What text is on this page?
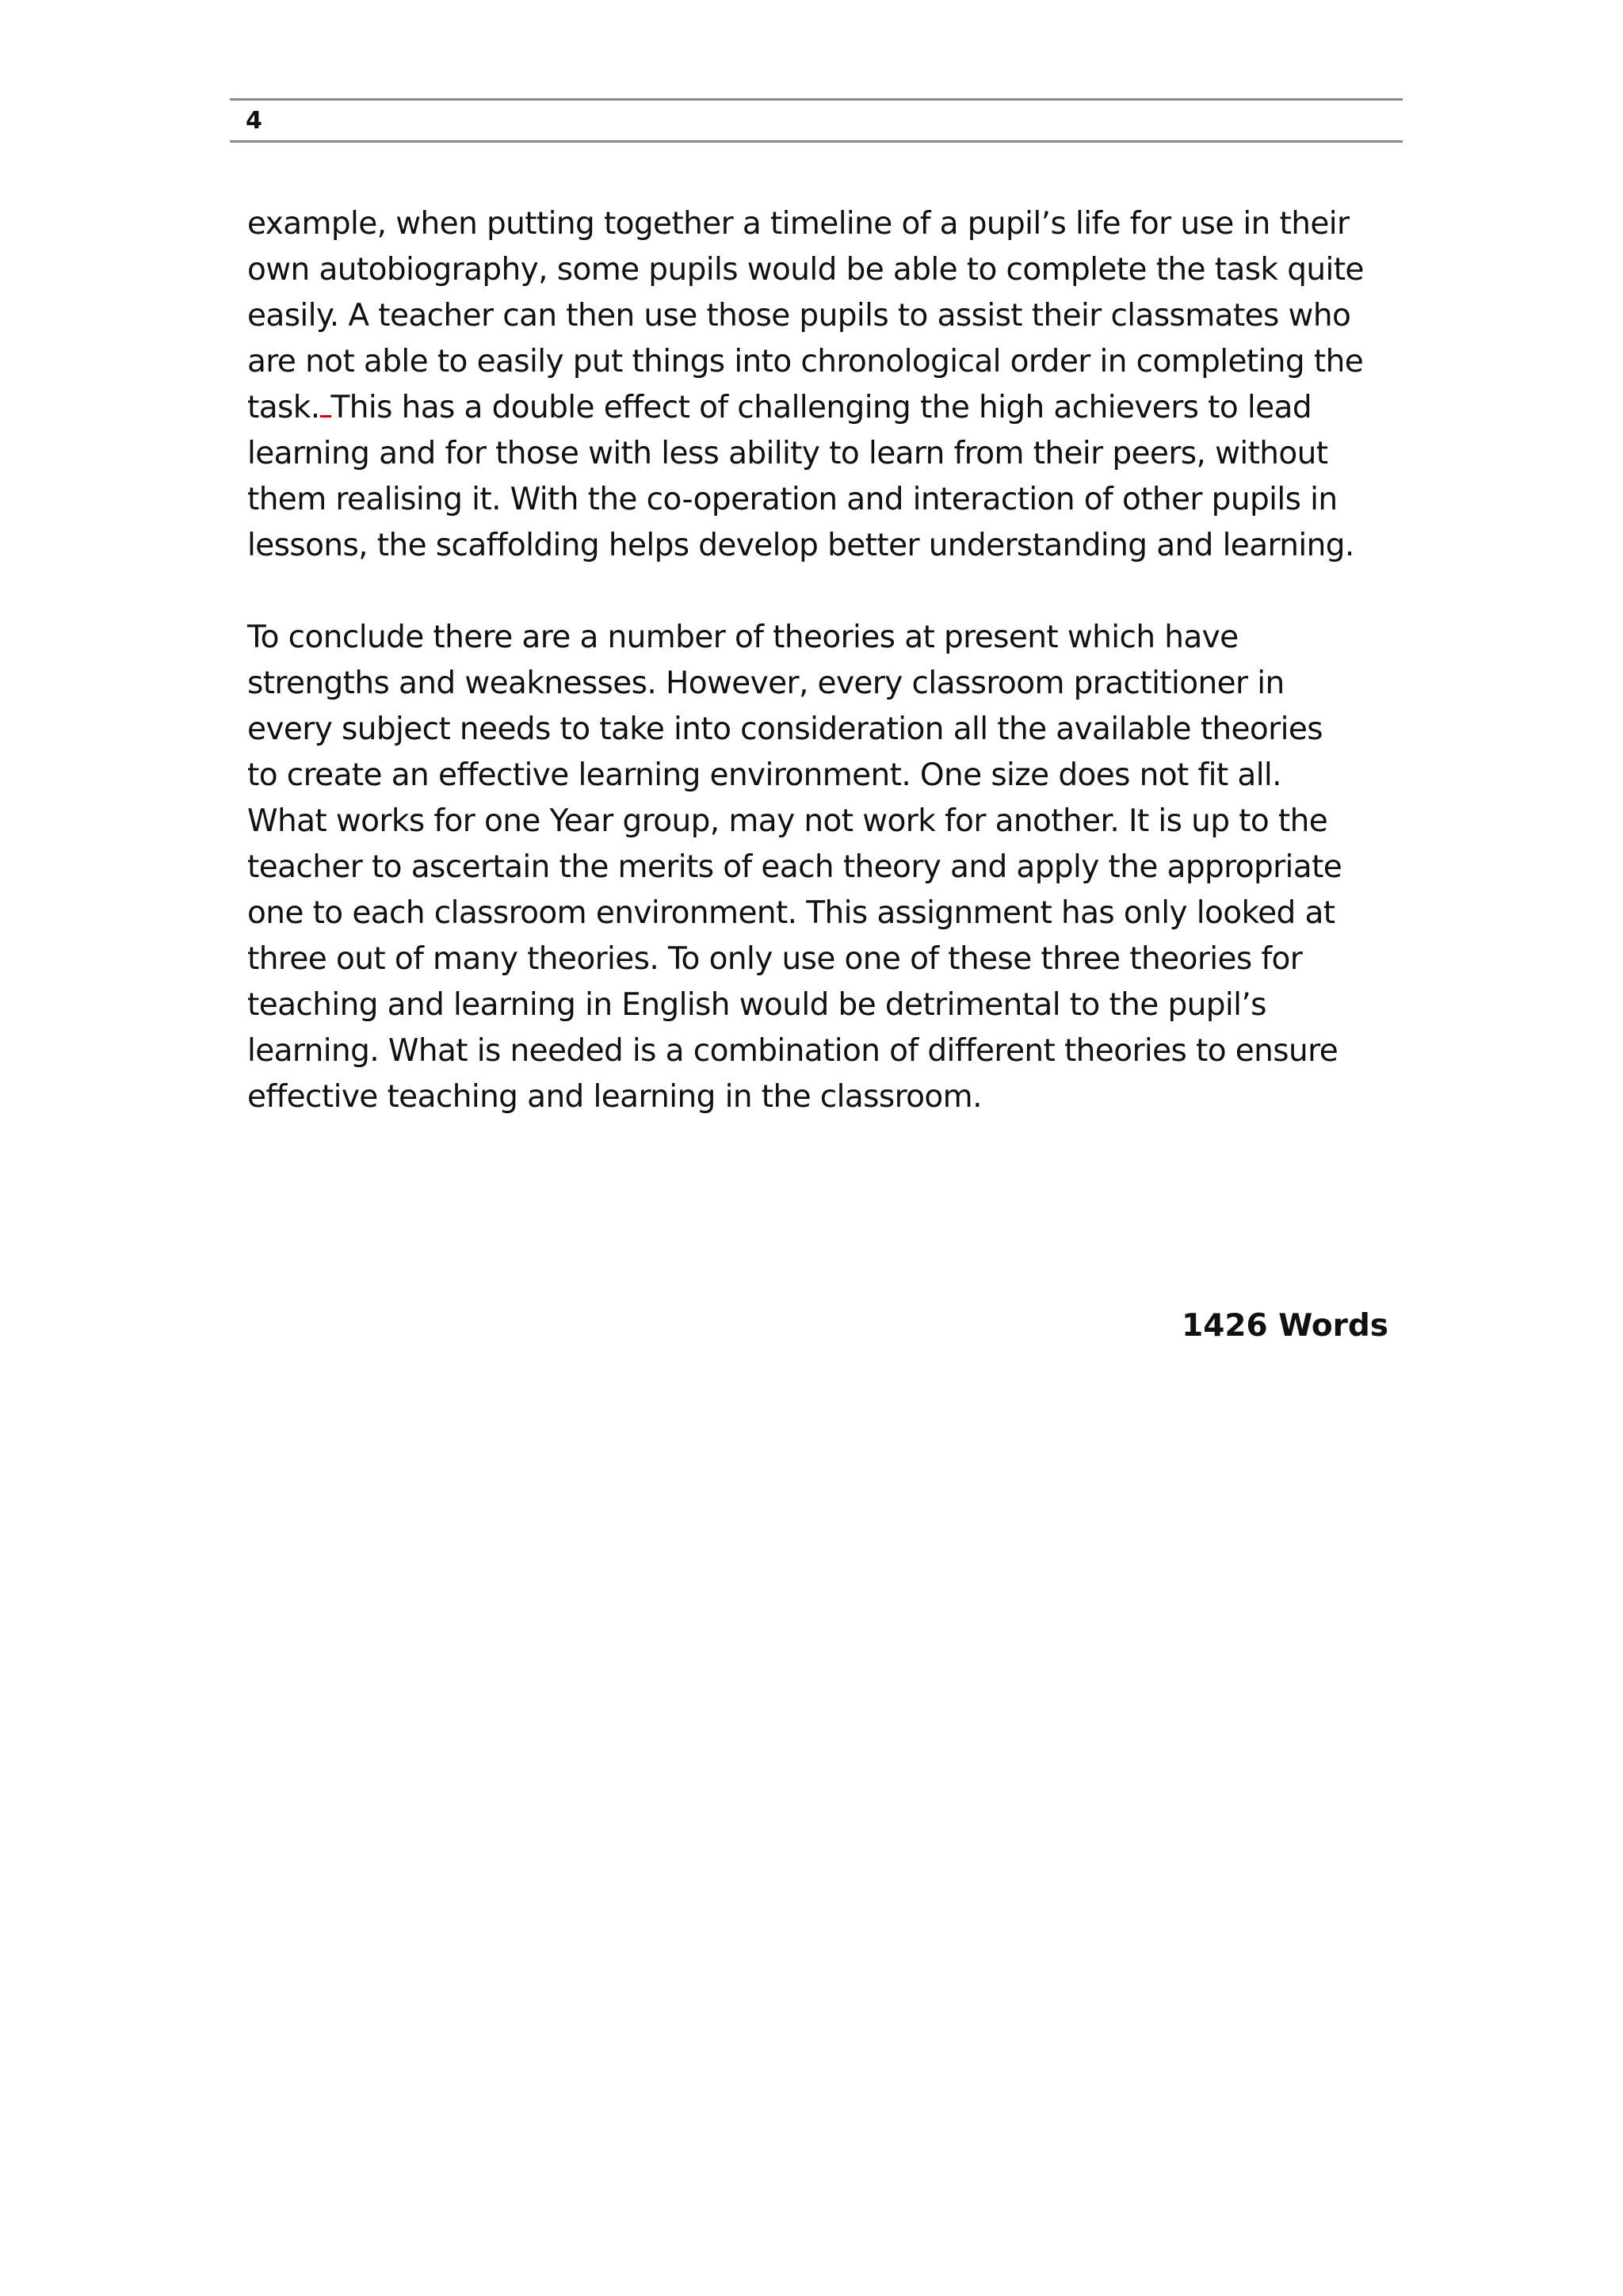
4

example, when putting together a timeline of a pupil’s life for use in their
own autobiography, some pupils would be able to complete the task quite
easily. A teacher can then use those pupils to assist their classmates who
are not able to easily put things into chronological order in completing the
task. This has a double effect of challenging the high achievers to lead
learning and for those with less ability to learn from their peers, without
them realising it. With the co-operation and interaction of other pupils in
lessons, the scaffolding helps develop better understanding and learning.

To conclude there are a number of theories at present which have
strengths and weaknesses. However, every classroom practitioner in
every subject needs to take into consideration all the available theories
to create an effective learning environment. One size does not fit all.
What works for one Year group, may not work for another. It is up to the
teacher to ascertain the merits of each theory and apply the appropriate
one to each classroom environment. This assignment has only looked at
three out of many theories. To only use one of these three theories for
teaching and learning in English would be detrimental to the pupil’s
learning. What is needed is a combination of different theories to ensure
effective teaching and learning in the classroom.

1426 Words
